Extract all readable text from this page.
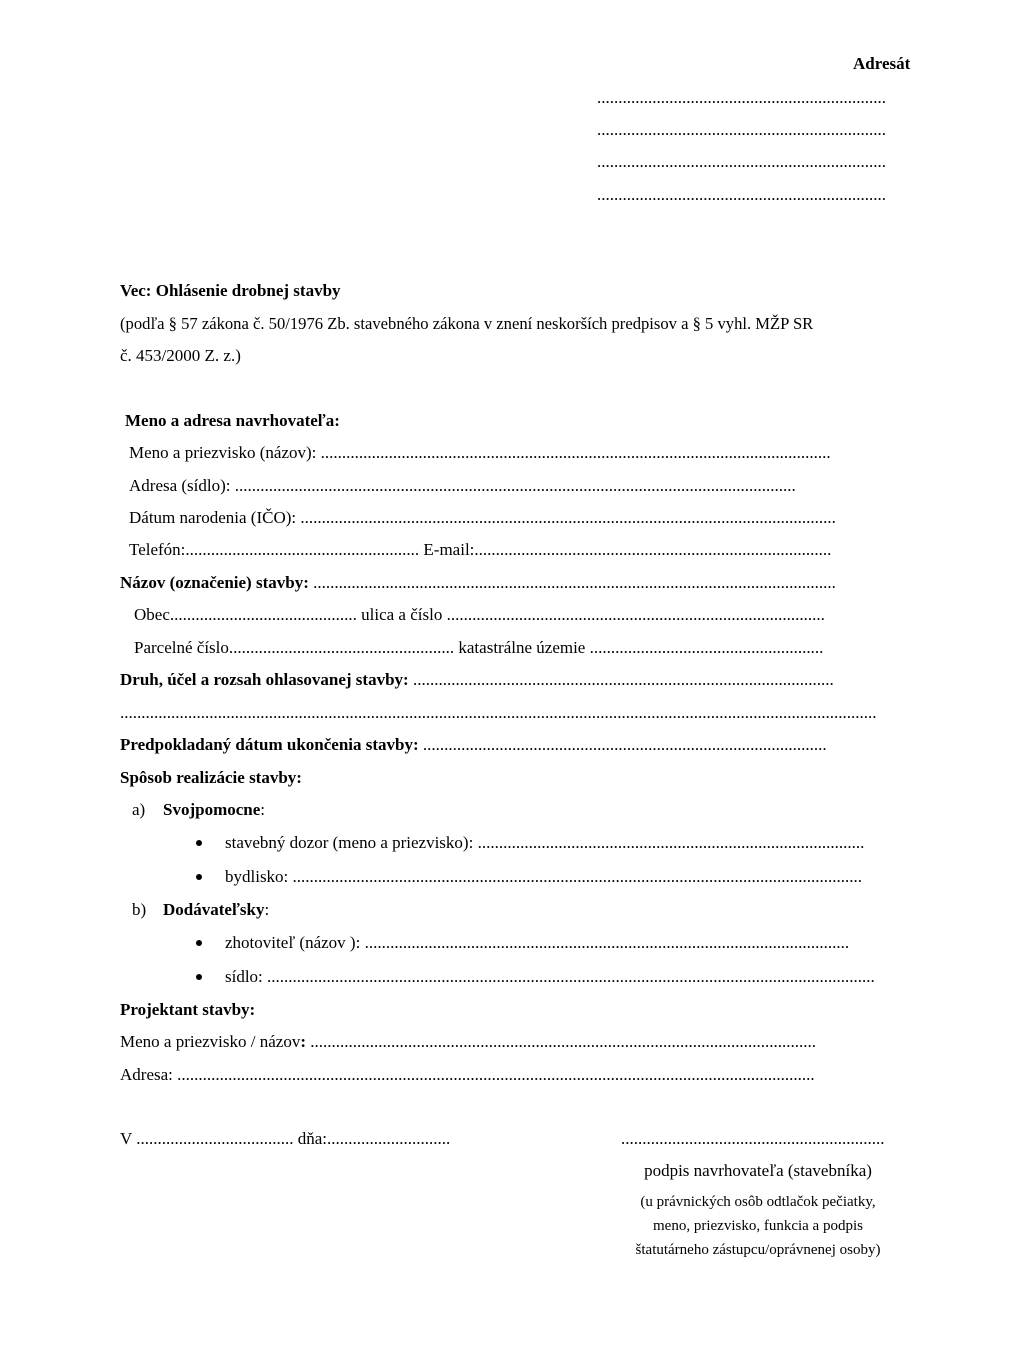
Adresát
....................................................................
....................................................................
....................................................................
....................................................................
Vec: Ohlásenie drobnej stavby
(podľa § 57 zákona č. 50/1976 Zb. stavebného zákona v znení neskorších predpisov a § 5 vyhl. MŽP SR
č. 453/2000 Z. z.)
Meno a adresa navrhovateľa:
Meno a priezvisko (názov): ........................................................................................................................
Adresa (sídlo): ....................................................................................................................................
Dátum narodenia (IČO): ..............................................................................................................................
Telefón:....................................................... E-mail:....................................................................................
Názov (označenie) stavby: ...........................................................................................................................
Obec............................................ ulica a číslo .........................................................................................
Parcelné číslo..................................................... katastrálne územie .......................................................
Druh, účel a rozsah ohlasovanej stavby: ...................................................................................................
..................................................................................................................................................................................
Predpokladaný dátum ukončenia stavby: ...............................................................................................
Spôsob realizácie stavby:
a) Svojpomocne:
stavebný dozor (meno a priezvisko): ...........................................................................................
bydlisko: ......................................................................................................................................
b) Dodávateľsky:
zhotoviteľ (názov ): ..................................................................................................................
sídlo: ...............................................................................................................................................
Projektant stavby:
Meno a priezvisko / názov: .......................................................................................................................
Adresa: ......................................................................................................................................................
V ..................................... dňa:.............................	..............................................................
podpis navrhovateľa (stavebníka)
(u právnických osôb odtlačok pečiatky,
meno, priezvisko, funkcia a podpis
štatutárneho zástupcu/oprávnenej osoby)
